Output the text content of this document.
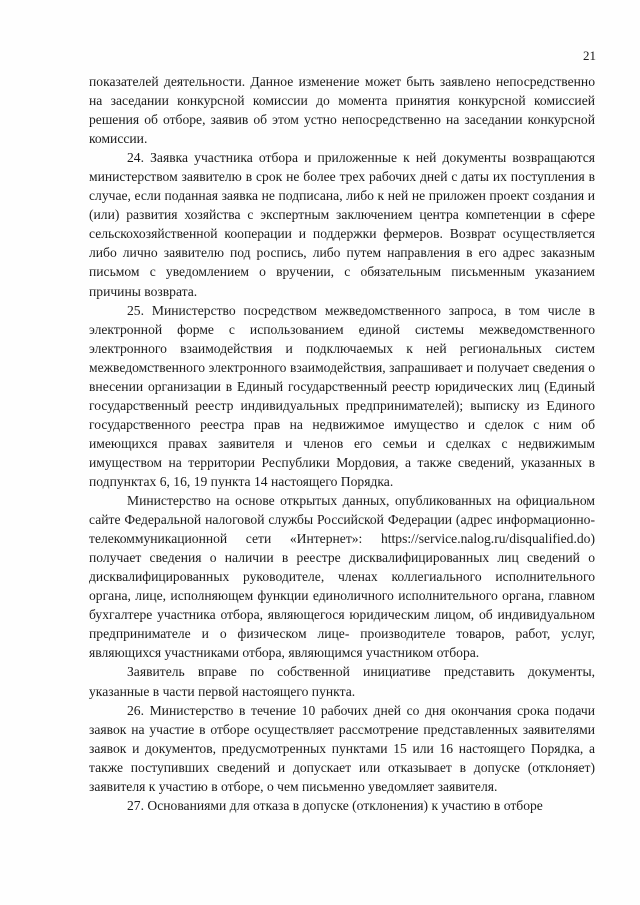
21

показателей деятельности. Данное изменение может быть заявлено непосредственно на заседании конкурсной комиссии до момента принятия конкурсной комиссией решения об отборе, заявив об этом устно непосредственно на заседании конкурсной комиссии.

24. Заявка участника отбора и приложенные к ней документы возвращаются министерством заявителю в срок не более трех рабочих дней с даты их поступления в случае, если поданная заявка не подписана, либо к ней не приложен проект создания и (или) развития хозяйства с экспертным заключением центра компетенции в сфере сельскохозяйственной кооперации и поддержки фермеров. Возврат осуществляется либо лично заявителю под роспись, либо путем направления в его адрес заказным письмом с уведомлением о вручении, с обязательным письменным указанием причины возврата.

25. Министерство посредством межведомственного запроса, в том числе в электронной форме с использованием единой системы межведомственного электронного взаимодействия и подключаемых к ней региональных систем межведомственного электронного взаимодействия, запрашивает и получает сведения о внесении организации в Единый государственный реестр юридических лиц (Единый государственный реестр индивидуальных предпринимателей); выписку из Единого государственного реестра прав на недвижимое имущество и сделок с ним об имеющихся правах заявителя и членов его семьи и сделках с недвижимым имуществом на территории Республики Мордовия, а также сведений, указанных в подпунктах 6, 16, 19 пункта 14 настоящего Порядка.

Министерство на основе открытых данных, опубликованных на официальном сайте Федеральной налоговой службы Российской Федерации (адрес информационно-телекоммуникационной сети «Интернет»: https://service.nalog.ru/disqualified.do) получает сведения о наличии в реестре дисквалифицированных лиц сведений о дисквалифицированных руководителе, членах коллегиального исполнительного органа, лице, исполняющем функции единоличного исполнительного органа, главном бухгалтере участника отбора, являющегося юридическим лицом, об индивидуальном предпринимателе и о физическом лице- производителе товаров, работ, услуг, являющихся участниками отбора, являющимся участником отбора.

Заявитель вправе по собственной инициативе представить документы, указанные в части первой настоящего пункта.

26. Министерство в течение 10 рабочих дней со дня окончания срока подачи заявок на участие в отборе осуществляет рассмотрение представленных заявителями заявок и документов, предусмотренных пунктами 15 или 16 настоящего Порядка, а также поступивших сведений и допускает или отказывает в допуске (отклоняет) заявителя к участию в отборе, о чем письменно уведомляет заявителя.

27. Основаниями для отказа в допуске (отклонения) к участию в отборе
